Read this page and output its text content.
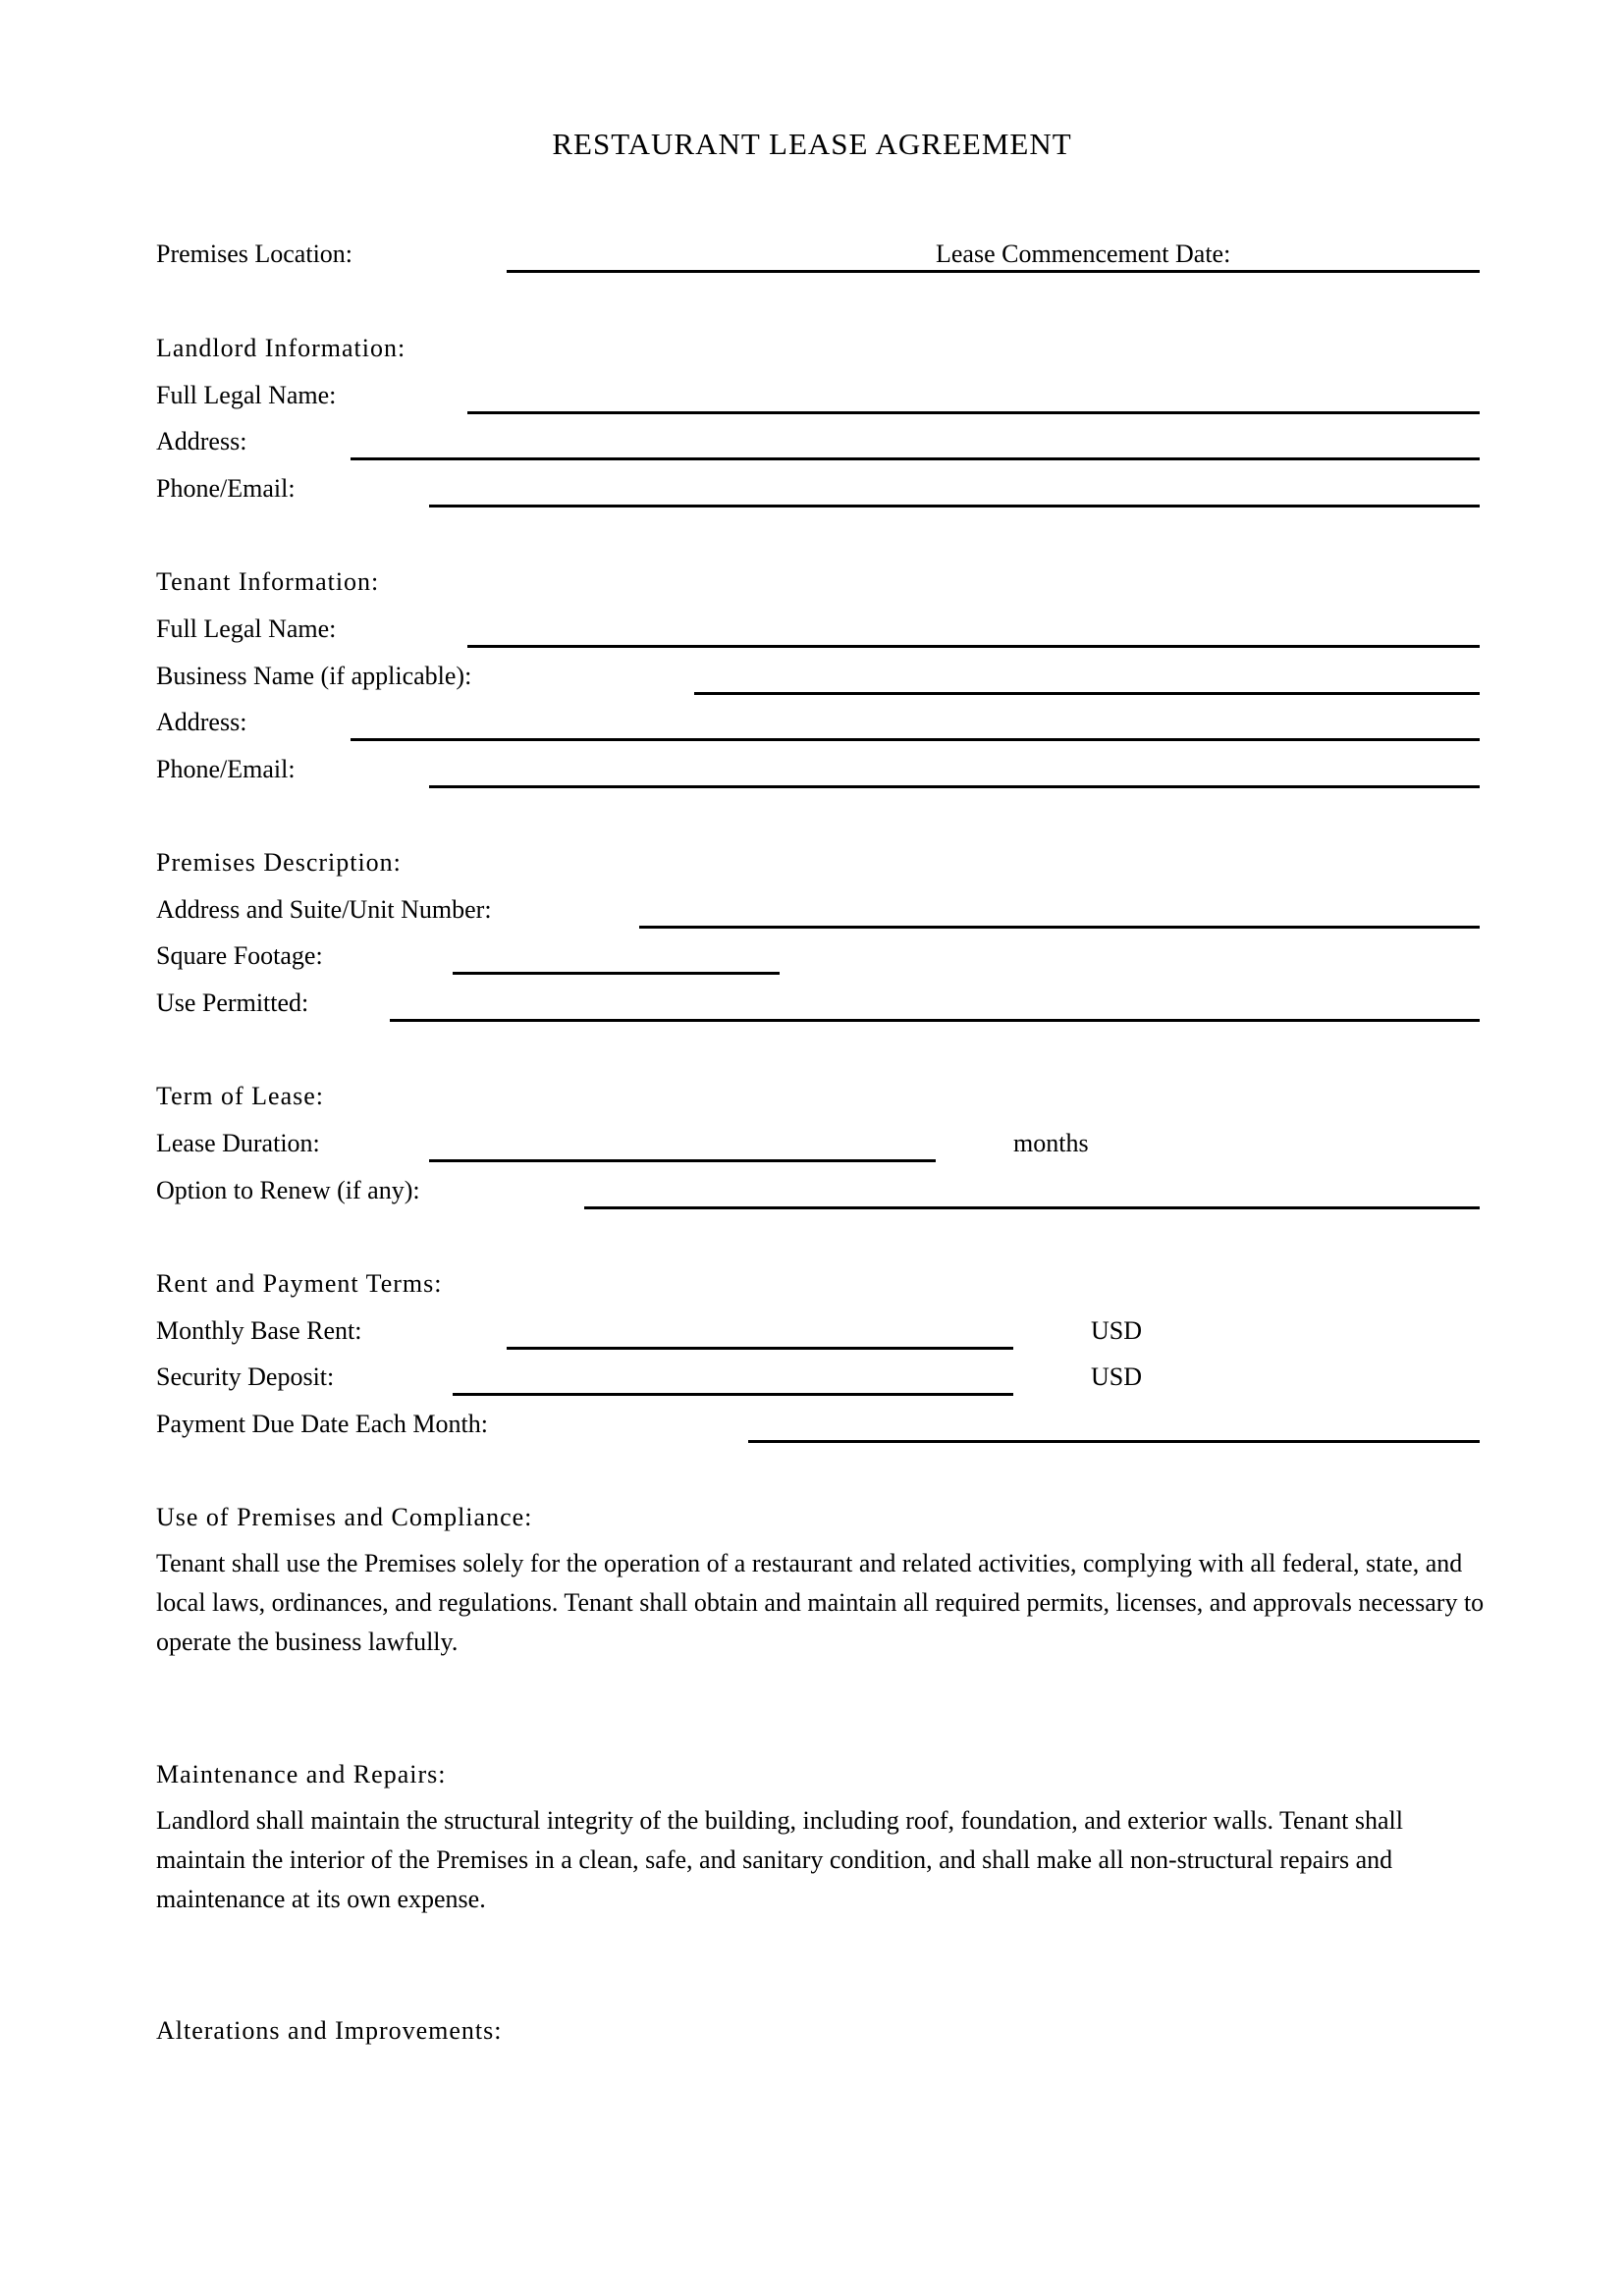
RESTAURANT LEASE AGREEMENT
Premises Location:	Lease Commencement Date:
Landlord Information:
Full Legal Name:
Address:
Phone/Email:
Tenant Information:
Full Legal Name:
Business Name (if applicable):
Address:
Phone/Email:
Premises Description:
Address and Suite/Unit Number:
Square Footage:
Use Permitted:
Term of Lease:
Lease Duration:	months
Option to Renew (if any):
Rent and Payment Terms:
Monthly Base Rent:	USD
Security Deposit:	USD
Payment Due Date Each Month:
Use of Premises and Compliance:
Tenant shall use the Premises solely for the operation of a restaurant and related activities, complying with all federal, state, and local laws, ordinances, and regulations. Tenant shall obtain and maintain all required permits, licenses, and approvals necessary to operate the business lawfully.
Maintenance and Repairs:
Landlord shall maintain the structural integrity of the building, including roof, foundation, and exterior walls. Tenant shall maintain the interior of the Premises in a clean, safe, and sanitary condition, and shall make all non-structural repairs and maintenance at its own expense.
Alterations and Improvements:
